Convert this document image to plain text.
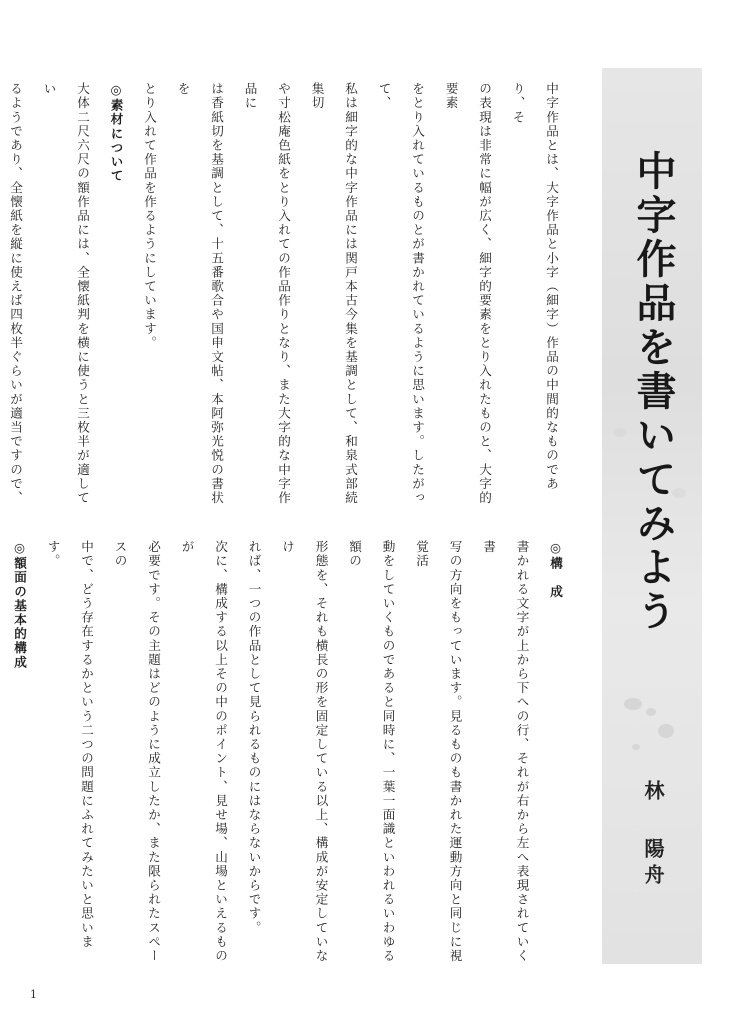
中字作品を書いてみよう

林

陽舟

中字作品とは、大字作品と小字（細字）作品の中間的なものであり、そ

の表現は非常に幅が広く、細字的要素をとり入れたものと、大字的要素

をとり入れているものとが書かれているように思います。したがって、

私は細字的な中字作品には関戸本古今集を基調として、和泉式部続集切

や寸松庵色紙をとり入れての作品作りとなり、また大字的な中字作品に

は香紙切を基調として、十五番歌合や国申文帖、本阿弥光悦の書状を

とり入れて作品を作るようにしています。

◎素材について

大体二尺六尺の額作品には、全懐紙判を横に使うと三枚半が適してい

るようであり、全懐紙を縦に使えば四枚半ぐらいが適当ですので、

◎構　成

書かれる文字が上から下への行、それが右から左へ表現されていく書

写の方向をもっています。見るものも書かれた運動方向と同じに視覚活

動をしていくものであると同時に、一葉一面識といわれるいわゆる額の

形態を、それも横長の形を固定している以上、構成が安定していなけ

れば、一つの作品として見られるものにはならないからです。

次に、構成する以上その中のポイント、見せ場、山場といえるものが

必要です。その主題はどのように成立したか、また限られたスペースの

中で、どう存在するかという二つの問題にふれてみたいと思います。

◎額面の基本的構成

1
